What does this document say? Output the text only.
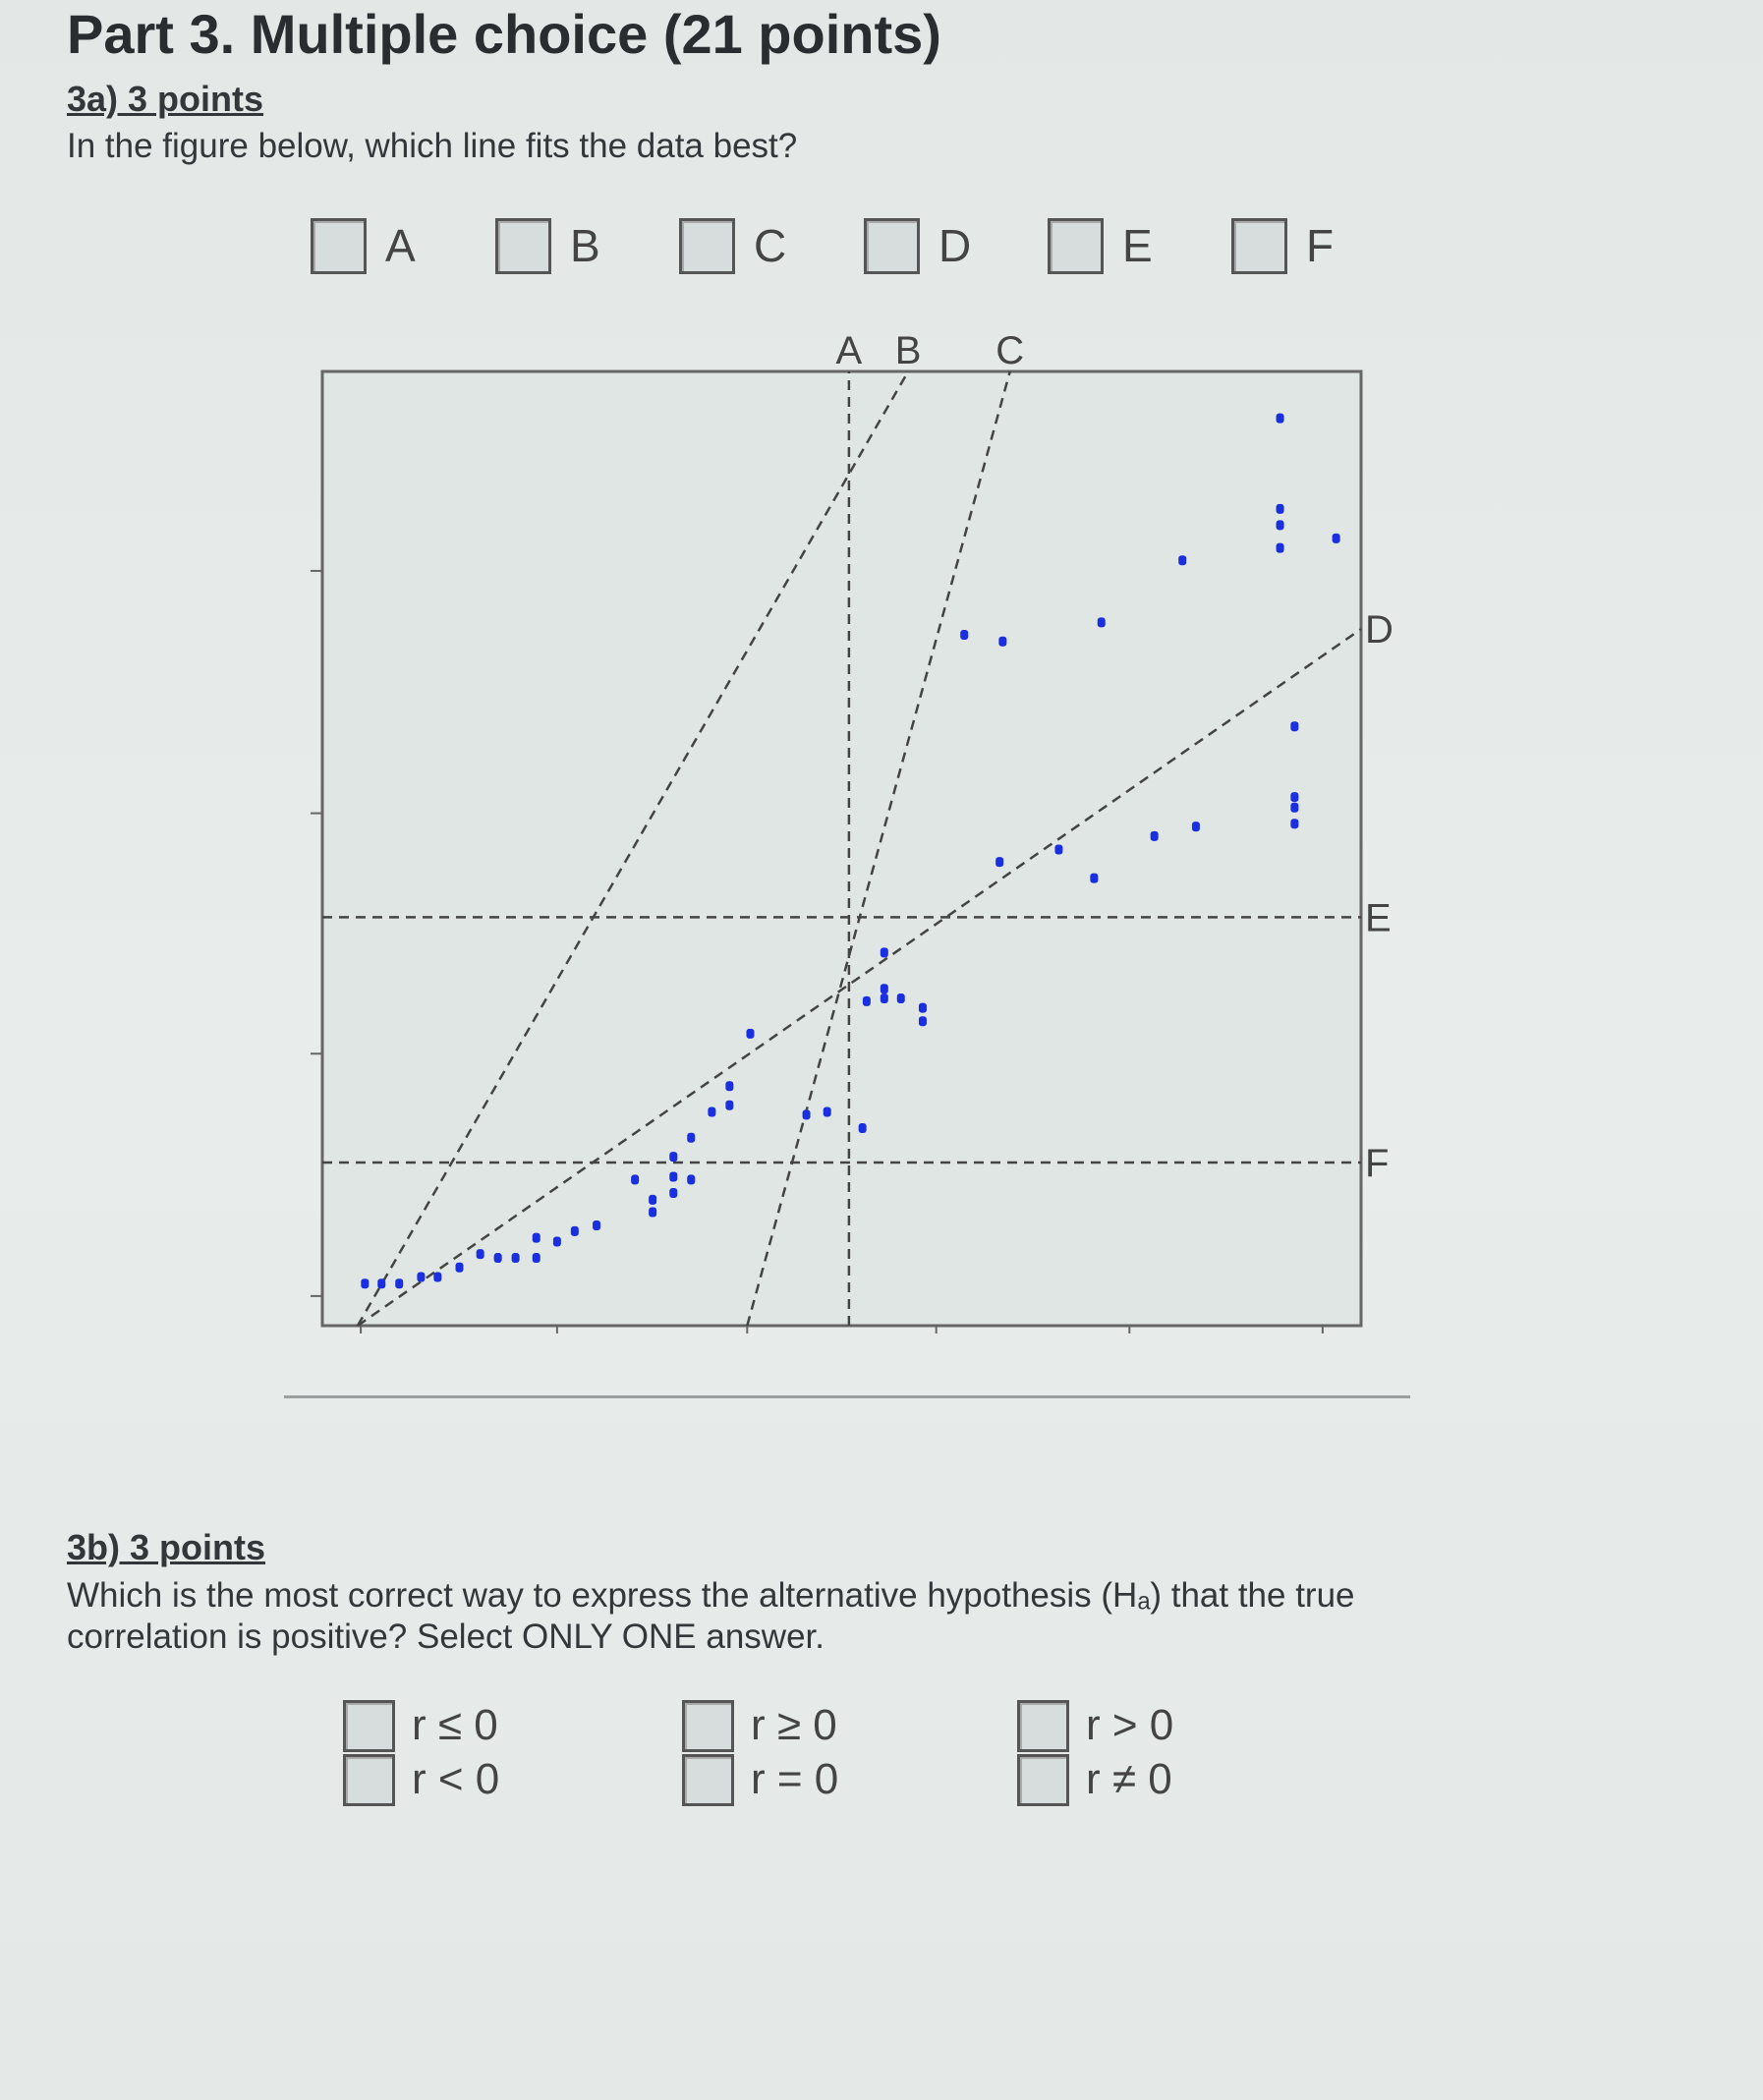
Part 3. Multiple choice (21 points)
3a) 3 points
In the figure below, which line fits the data best?
A	B	C	D	E	F
A B C
D
E
F
3b) 3 points
Which is the most correct way to express the alternative hypothesis (Hₐ) that the true
correlation is positive? Select ONLY ONE answer.
r ≤ 0
r < 0
r ≥ 0
r = 0
r > 0
r ≠ 0
